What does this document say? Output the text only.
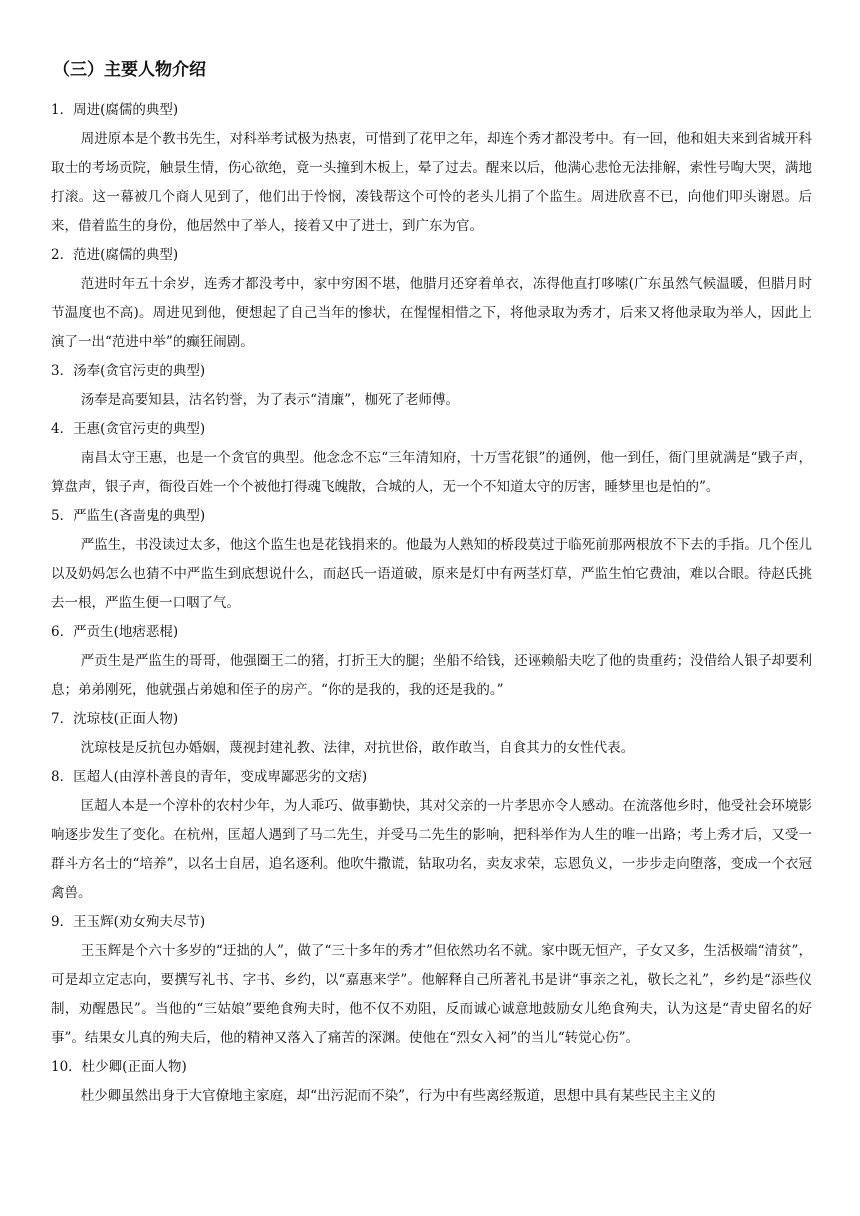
（三）主要人物介绍

1．周进(腐儒的典型)

周进原本是个教书先生，对科举考试极为热衷，可惜到了花甲之年，却连个秀才都没考中。有一回，他和姐夫来到省城开科取士的考场贡院，触景生情，伤心欲绝，竟一头撞到木板上，晕了过去。醒来以后，他满心悲怆无法排解，索性号啕大哭，满地打滚。这一幕被几个商人见到了，他们出于怜悯，凑钱帮这个可怜的老头儿捐了个监生。周进欣喜不已，向他们叩头谢恩。后来，借着监生的身份，他居然中了举人，接着又中了进士，到广东为官。

2．范进(腐儒的典型)

范进时年五十余岁，连秀才都没考中，家中穷困不堪，他腊月还穿着单衣，冻得他直打哆嗦(广东虽然气候温暖，但腊月时节温度也不高)。周进见到他，便想起了自己当年的惨状，在惺惺相惜之下，将他录取为秀才，后来又将他录取为举人，因此上演了一出“范进中举”的癫狂闹剧。

3．汤奉(贪官污吏的典型)

汤奉是高要知县，沽名钓誉，为了表示“清廉”，枷死了老师傅。

4．王惠(贪官污吏的典型)

南昌太守王惠，也是一个贪官的典型。他念念不忘“三年清知府，十万雪花银”的通例，他一到任，衙门里就满是“戥子声，算盘声，银子声，衙役百姓一个个被他打得魂飞魄散，合城的人，无一个不知道太守的厉害，睡梦里也是怕的”。

5．严监生(吝啬鬼的典型)

严监生，书没读过太多，他这个监生也是花钱捐来的。他最为人熟知的桥段莫过于临死前那两根放不下去的手指。几个侄儿以及奶妈怎么也猜不中严监生到底想说什么，而赵氏一语道破，原来是灯中有两茎灯草，严监生怕它费油，难以合眼。待赵氏挑去一根，严监生便一口咽了气。

6．严贡生(地痞恶棍)

严贡生是严监生的哥哥，他强圈王二的猪，打折王大的腿；坐船不给钱，还诬赖船夫吃了他的贵重药；没借给人银子却要利息；弟弟刚死，他就强占弟媳和侄子的房产。“你的是我的，我的还是我的。”

7．沈琼枝(正面人物)

沈琼枝是反抗包办婚姻，蔑视封建礼教、法律，对抗世俗，敢作敢当，自食其力的女性代表。

8．匡超人(由淳朴善良的青年，变成卑鄙恶劣的文痞)

匡超人本是一个淳朴的农村少年，为人乖巧、做事勤快，其对父亲的一片孝思亦令人感动。在流落他乡时，他受社会环境影响逐步发生了变化。在杭州，匡超人遇到了马二先生，并受马二先生的影响，把科举作为人生的唯一出路；考上秀才后，又受一群斗方名士的“培养”，以名士自居，追名逐利。他吹牛撒谎，钻取功名，卖友求荣，忘恩负义，一步步走向堕落，变成一个衣冠禽兽。

9．王玉辉(劝女殉夫尽节)

王玉辉是个六十多岁的“迂拙的人”，做了“三十多年的秀才”但依然功名不就。家中既无恒产，子女又多，生活极端“清贫”，可是却立定志向，要撰写礼书、字书、乡约，以“嘉惠来学”。他解释自己所著礼书是讲“事亲之礼，敬长之礼”，乡约是“添些仪制，劝醒愚民”。当他的“三姑娘”要绝食殉夫时，他不仅不劝阻，反而诚心诚意地鼓励女儿绝食殉夫，认为这是“青史留名的好事”。结果女儿真的殉夫后，他的精神又落入了痛苦的深渊。使他在“烈女入祠”的当儿“转觉心伤”。

10．杜少卿(正面人物)

杜少卿虽然出身于大官僚地主家庭，却“出污泥而不染”，行为中有些离经叛道，思想中具有某些民主主义的
